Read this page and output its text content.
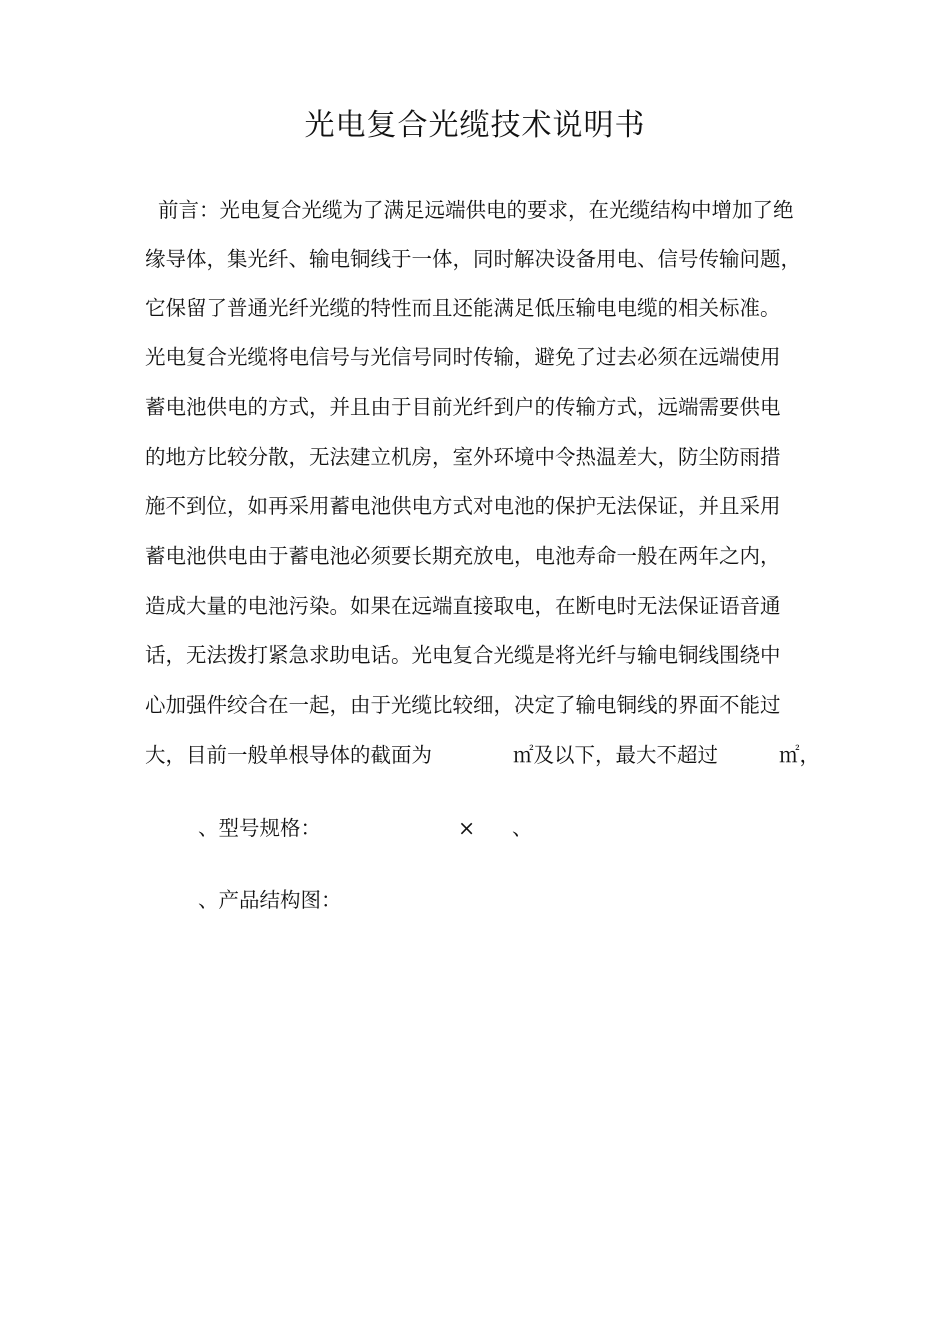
光电复合光缆技术说明书
前言：光电复合光缆为了满足远端供电的要求，在光缆结构中增加了绝
缘导体，集光纤、输电铜线于一体，同时解决设备用电、信号传输问题，
它保留了普通光纤光缆的特性而且还能满足低压输电电缆的相关标准。
光电复合光缆将电信号与光信号同时传输，避免了过去必须在远端使用
蓄电池供电的方式，并且由于目前光纤到户的传输方式，远端需要供电
的地方比较分散，无法建立机房，室外环境中令热温差大，防尘防雨措
施不到位，如再采用蓄电池供电方式对电池的保护无法保证，并且采用
蓄电池供电由于蓄电池必须要长期充放电，电池寿命一般在两年之内，
造成大量的电池污染。如果在远端直接取电，在断电时无法保证语音通
话，无法拨打紧急求助电话。光电复合光缆是将光纤与输电铜线围绕中
心加强件绞合在一起，由于光缆比较细，决定了输电铜线的界面不能过
大，目前一般单根导体的截面为	㎡及以下，最大不超过	㎡，
、型号规格：	× 、
、产品结构图：
